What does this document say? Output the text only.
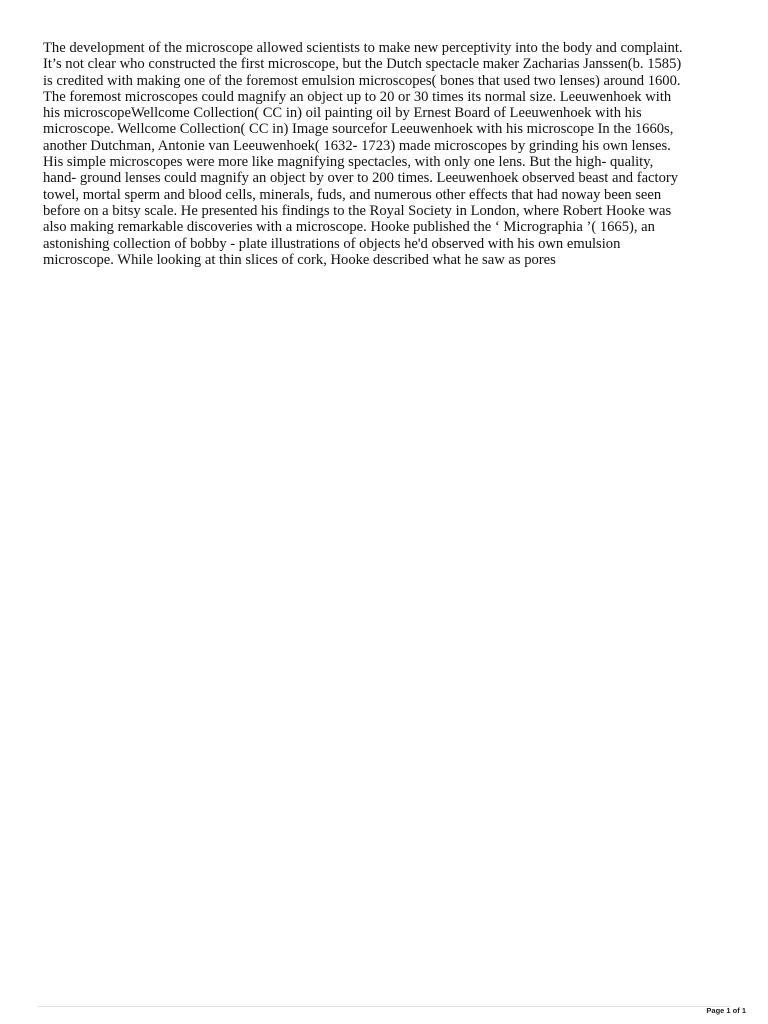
The development of the microscope allowed scientists to make new perceptivity into the body and complaint.
It’s not clear who constructed the first microscope, but the Dutch spectacle maker Zacharias Janssen(b. 1585)
is credited with making one of the foremost emulsion microscopes( bones that used two lenses) around 1600.
The foremost microscopes could magnify an object up to 20 or 30 times its normal size. Leeuwenhoek with
his microscopeWellcome Collection( CC in) oil painting oil by Ernest Board of Leeuwenhoek with his
microscope. Wellcome Collection( CC in) Image sourcefor Leeuwenhoek with his microscope In the 1660s,
another Dutchman, Antonie van Leeuwenhoek( 1632- 1723) made microscopes by grinding his own lenses.
His simple microscopes were more like magnifying spectacles, with only one lens. But the high- quality,
hand- ground lenses could magnify an object by over to 200 times. Leeuwenhoek observed beast and factory
towel, mortal sperm and blood cells, minerals, fuds, and numerous other effects that had noway been seen
before on a bitsy scale. He presented his findings to the Royal Society in London, where Robert Hooke was
also making remarkable discoveries with a microscope. Hooke published the ‘ Micrographia ’( 1665), an
astonishing collection of bobby - plate illustrations of objects he'd observed with his own emulsion
microscope. While looking at thin slices of cork, Hooke described what he saw as pores
Page 1 of 1
